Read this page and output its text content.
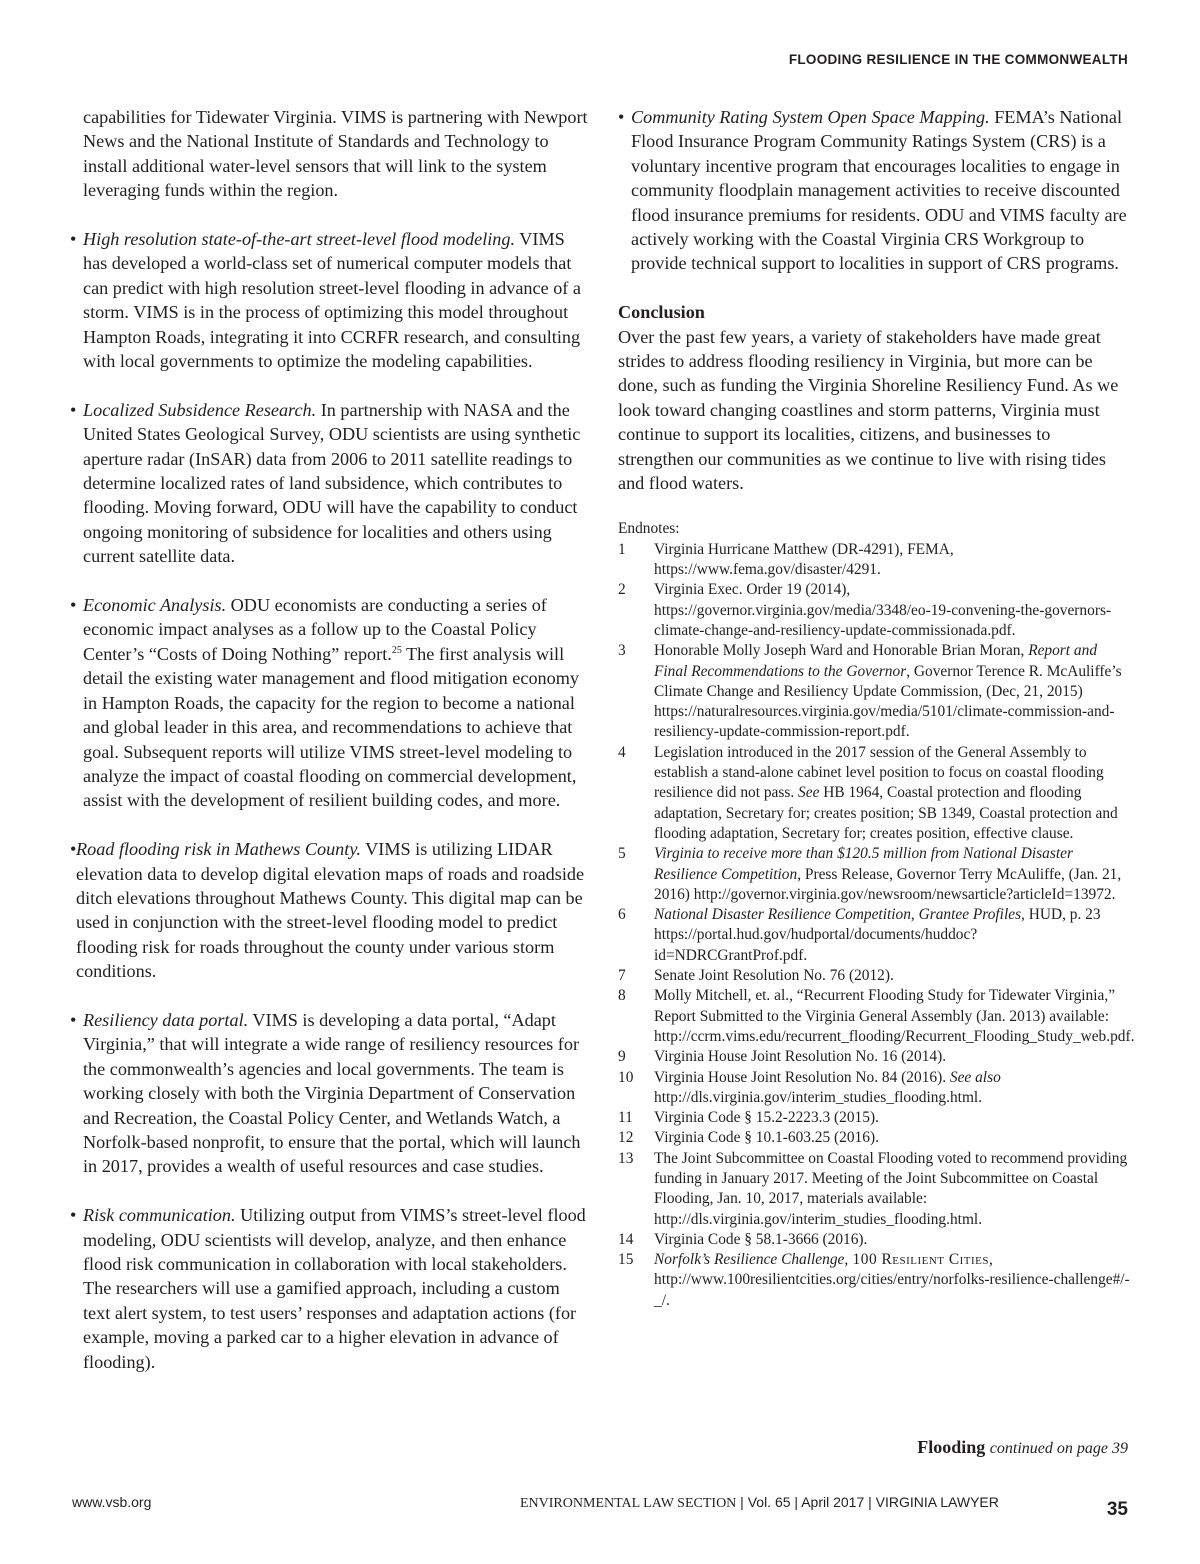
FLOODING RESILIENCE IN THE COMMONWEALTH

capabilities for Tidewater Virginia. VIMS is partnering with Newport News and the National Institute of Standards and Technology to install additional water-level sensors that will link to the system leveraging funds within the region.

• High resolution state-of-the-art street-level flood modeling. VIMS has developed a world-class set of numerical computer models that can predict with high resolution street-level flooding in advance of a storm. VIMS is in the process of optimizing this model throughout Hampton Roads, integrating it into CCRFR research, and consulting with local governments to optimize the modeling capabilities.

• Localized Subsidence Research. In partnership with NASA and the United States Geological Survey, ODU scientists are using synthetic aperture radar (InSAR) data from 2006 to 2011 satellite readings to determine localized rates of land subsidence, which contributes to flooding. Moving forward, ODU will have the capability to conduct ongoing monitoring of subsidence for localities and others using current satellite data.

• Economic Analysis. ODU economists are conducting a series of economic impact analyses as a follow up to the Coastal Policy Center’s “Costs of Doing Nothing” report.$^{25}$ The first analysis will detail the existing water management and flood mitigation economy in Hampton Roads, the capacity for the region to become a national and global leader in this area, and recommendations to achieve that goal. Subsequent reports will utilize VIMS street-level modeling to analyze the impact of coastal flooding on commercial development, assist with the development of resilient building codes, and more.

•Road flooding risk in Mathews County. VIMS is utilizing LIDAR elevation data to develop digital elevation maps of roads and roadside ditch elevations throughout Mathews County. This digital map can be used in conjunction with the street-level flooding model to predict flooding risk for roads throughout the county under various storm conditions.

• Resiliency data portal. VIMS is developing a data portal, “Adapt Virginia,” that will integrate a wide range of resiliency resources for the commonwealth’s agencies and local governments. The team is working closely with both the Virginia Department of Conservation and Recreation, the Coastal Policy Center, and Wetlands Watch, a Norfolk-based nonprofit, to ensure that the portal, which will launch in 2017, provides a wealth of useful resources and case studies.

• Risk communication. Utilizing output from VIMS’s street-level flood modeling, ODU scientists will develop, analyze, and then enhance flood risk communication in collaboration with local stakeholders. The researchers will use a gamified approach, including a custom text alert system, to test users’ responses and adaptation actions (for example, moving a parked car to a higher elevation in advance of flooding).

• Community Rating System Open Space Mapping. FEMA’s National Flood Insurance Program Community Ratings System (CRS) is a voluntary incentive program that encourages localities to engage in community floodplain management activities to receive discounted flood insurance premiums for residents. ODU and VIMS faculty are actively working with the Coastal Virginia CRS Workgroup to provide technical support to localities in support of CRS programs.

Conclusion

Over the past few years, a variety of stakeholders have made great strides to address flooding resiliency in Virginia, but more can be done, such as funding the Virginia Shoreline Resiliency Fund. As we look toward changing coastlines and storm patterns, Virginia must continue to support its localities, citizens, and businesses to strengthen our communities as we continue to live with rising tides and flood waters.

Endnotes:

1	Virginia Hurricane Matthew (DR-4291), FEMA, https://www.fema.gov/disaster/4291.
2	Virginia Exec. Order 19 (2014), https://governor.virginia.gov/media/3348/eo-19-convening-the-governors-climate-change-and-resiliency-update-commissionada.pdf.
3	Honorable Molly Joseph Ward and Honorable Brian Moran, Report and Final Recommendations to the Governor, Governor Terence R. McAuliffe’s Climate Change and Resiliency Update Commission, (Dec, 21, 2015) https://naturalresources.virginia.gov/media/5101/climate-commission-and-resiliency-update-commission-report.pdf.
4	Legislation introduced in the 2017 session of the General Assembly to establish a stand-alone cabinet level position to focus on coastal flooding resilience did not pass. See HB 1964, Coastal protection and flooding adaptation, Secretary for; creates position; SB 1349, Coastal protection and flooding adaptation, Secretary for; creates position, effective clause.
5	Virginia to receive more than $120.5 million from National Disaster Resilience Competition, Press Release, Governor Terry McAuliffe, (Jan. 21, 2016) http://governor.virginia.gov/newsroom/newsarticle?articleId=13972.
6	National Disaster Resilience Competition, Grantee Profiles, HUD, p. 23 https://portal.hud.gov/hudportal/documents/huddoc?id=NDRCGrantProf.pdf.
7	Senate Joint Resolution No. 76 (2012).
8	Molly Mitchell, et. al., “Recurrent Flooding Study for Tidewater Virginia,” Report Submitted to the Virginia General Assembly (Jan. 2013) available: http://ccrm.vims.edu/recurrent_flooding/Recurrent_Flooding_Study_web.pdf.
9	Virginia House Joint Resolution No. 16 (2014).
10	Virginia House Joint Resolution No. 84 (2016). See also http://dls.virginia.gov/interim_studies_flooding.html.
11	Virginia Code § 15.2-2223.3 (2015).
12	Virginia Code § 10.1-603.25 (2016).
13	The Joint Subcommittee on Coastal Flooding voted to recommend providing funding in January 2017. Meeting of the Joint Subcommittee on Coastal Flooding, Jan. 10, 2017, materials available: http://dls.virginia.gov/interim_studies_flooding.html.
14	Virginia Code § 58.1-3666 (2016).
15	Norfolk’s Resilience Challenge, 100 Resilient Cities, http://www.100resilientcities.org/cities/entry/norfolks-resilience-challenge#/-_/.
Flooding continued on page 39
www.vsb.org	ENVIRONMENTAL LAW SECTION | Vol. 65 | April 2017 | VIRGINIA LAWYER	35
